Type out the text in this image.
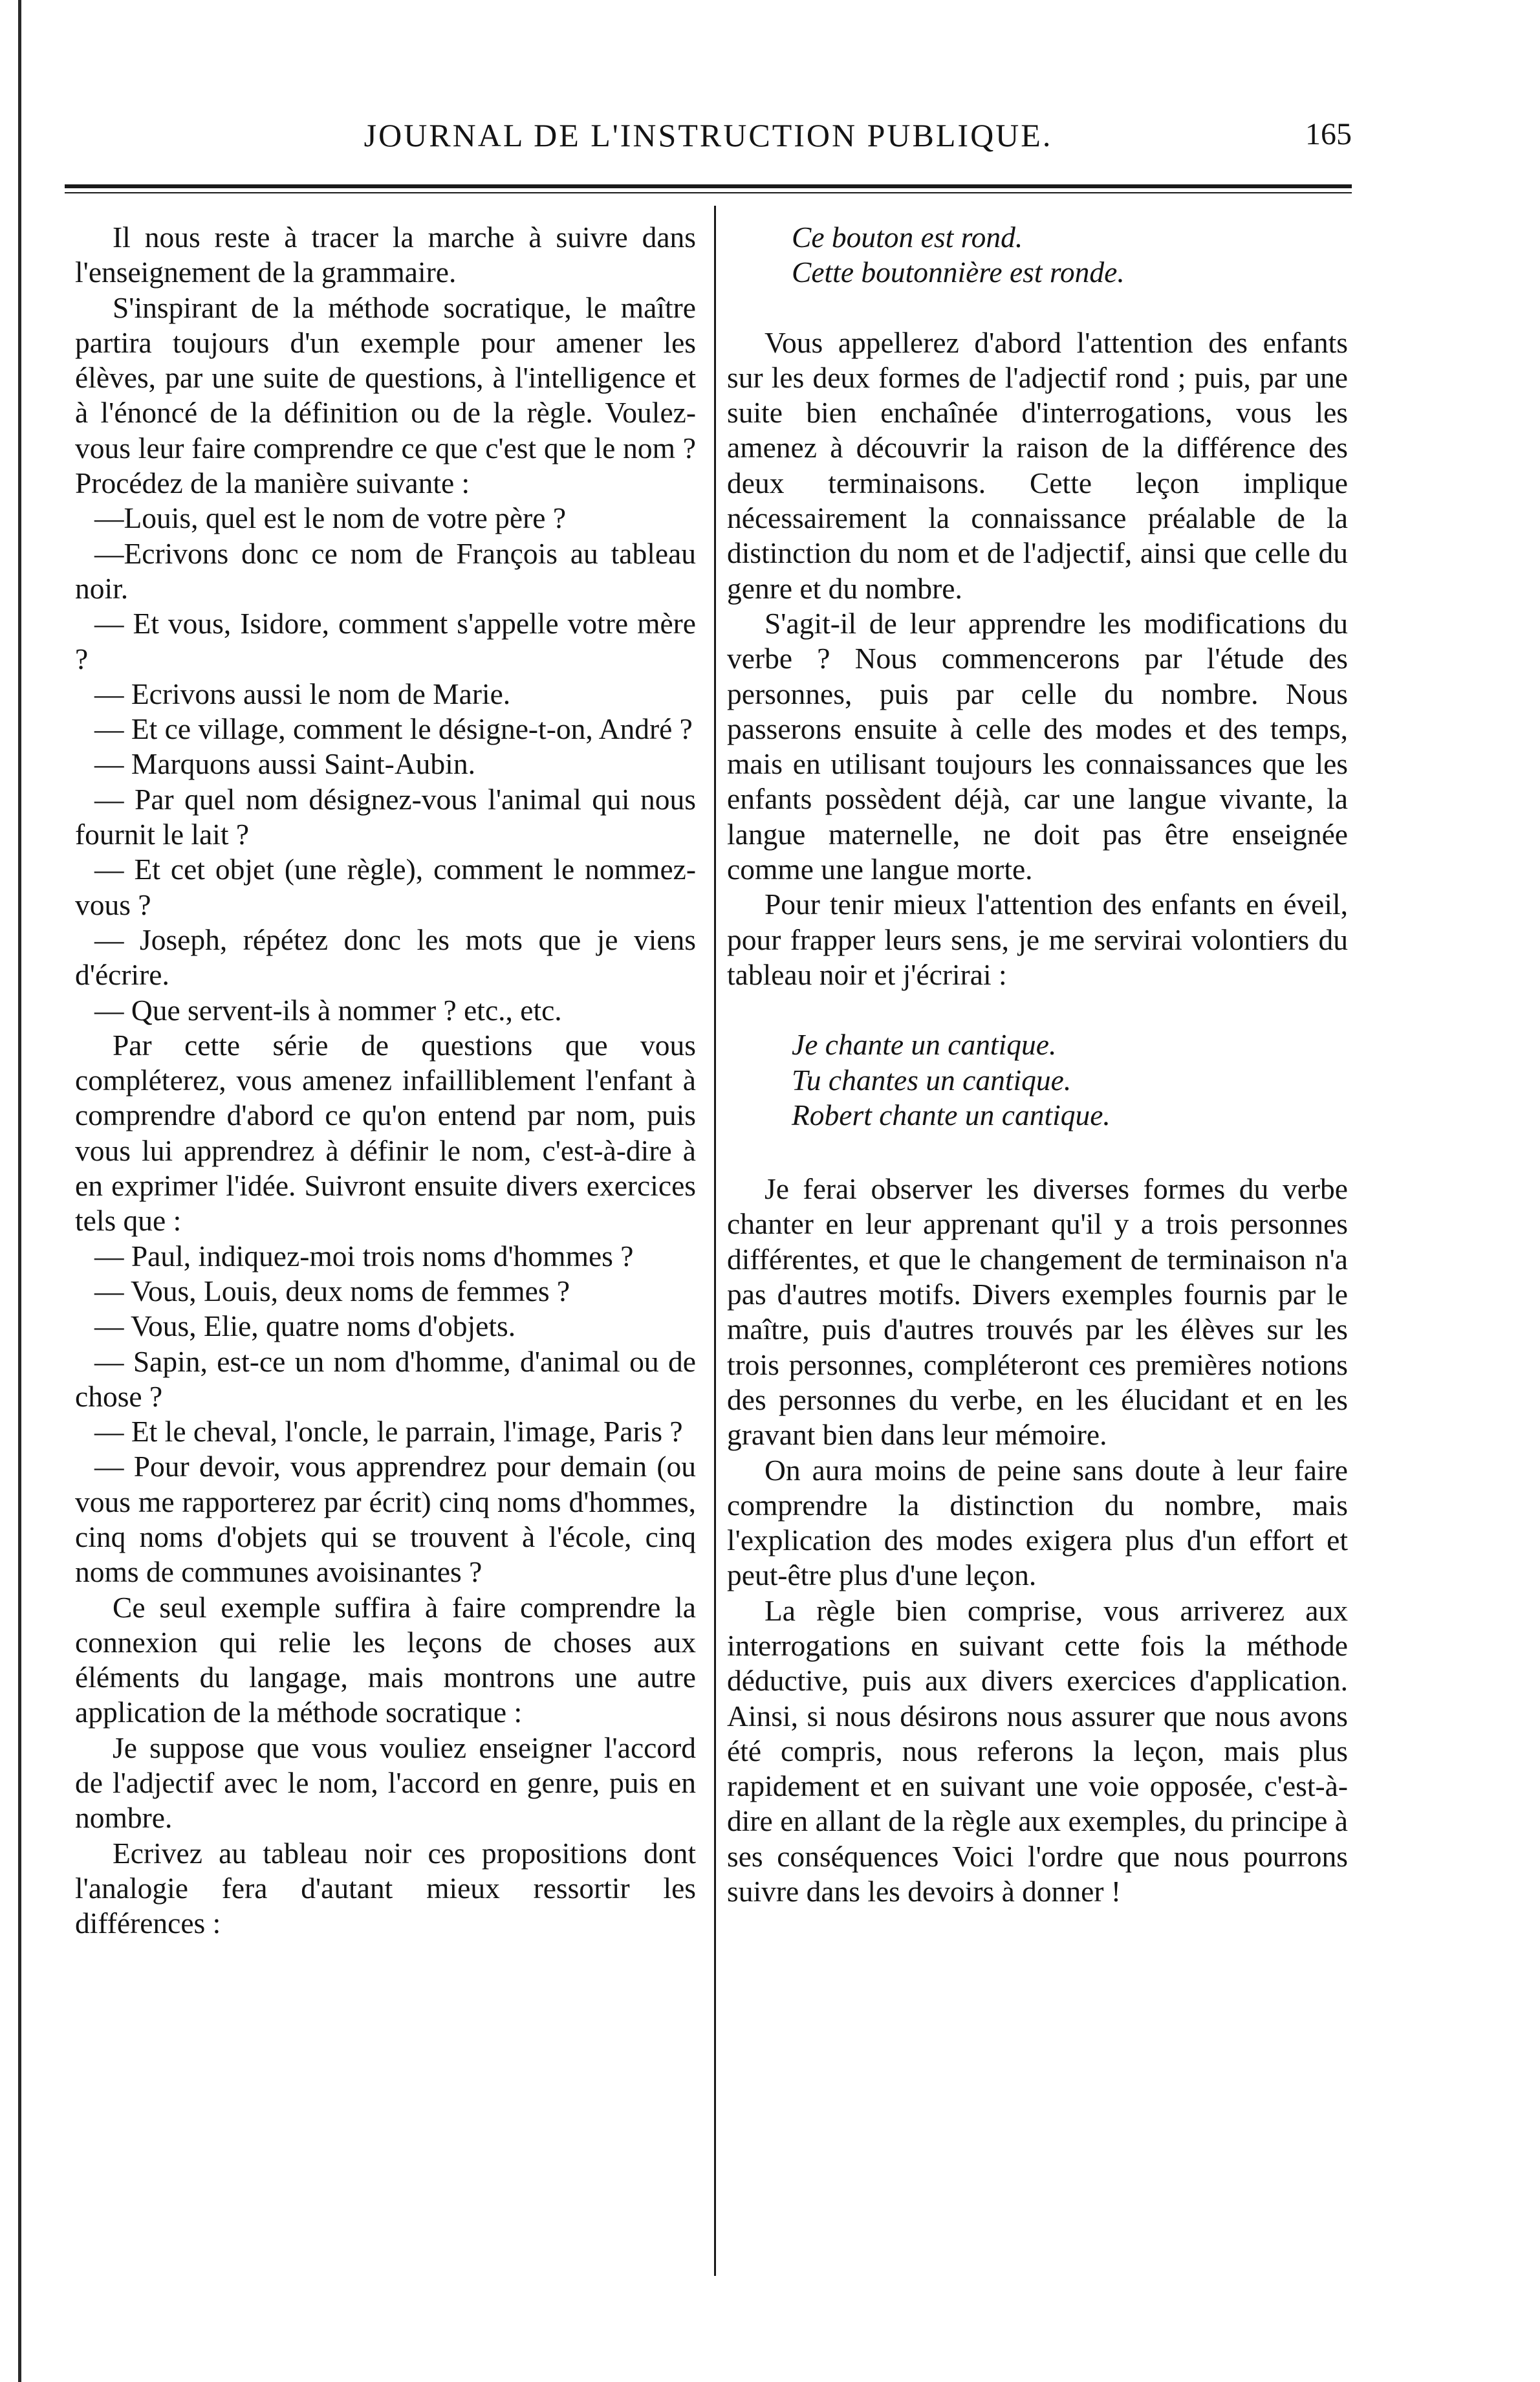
JOURNAL DE L'INSTRUCTION PUBLIQUE.	165

Il nous reste à tracer la marche à suivre dans l'enseignement de la grammaire.

S'inspirant de la méthode socratique, le maître partira toujours d'un exemple pour amener les élèves, par une suite de questions, à l'intelligence et à l'énoncé de la définition ou de la règle. Voulez-vous leur faire comprendre ce que c'est que le nom ? Procédez de la manière suivante :

—Louis, quel est le nom de votre père ?

—Ecrivons donc ce nom de François au tableau noir.

— Et vous, Isidore, comment s'appelle votre mère ?

— Ecrivons aussi le nom de Marie.

— Et ce village, comment le désigne-t-on, André ?

— Marquons aussi Saint-Aubin.

— Par quel nom désignez-vous l'animal qui nous fournit le lait ?

— Et cet objet (une règle), comment le nommez-vous ?

— Joseph, répétez donc les mots que je viens d'écrire.

— Que servent-ils à nommer ? etc., etc.

Par cette série de questions que vous compléterez, vous amenez infailliblement l'enfant à comprendre d'abord ce qu'on entend par nom, puis vous lui apprendrez à définir le nom, c'est-à-dire à en exprimer l'idée. Suivront ensuite divers exercices tels que :

— Paul, indiquez-moi trois noms d'hommes ?

— Vous, Louis, deux noms de femmes ?

— Vous, Elie, quatre noms d'objets.

— Sapin, est-ce un nom d'homme, d'animal ou de chose ?

— Et le cheval, l'oncle, le parrain, l'image, Paris ?

— Pour devoir, vous apprendrez pour demain (ou vous me rapporterez par écrit) cinq noms d'hommes, cinq noms d'objets qui se trouvent à l'école, cinq noms de communes avoisinantes ?

Ce seul exemple suffira à faire comprendre la connexion qui relie les leçons de choses aux éléments du langage, mais montrons une autre application de la méthode socratique :

Je suppose que vous vouliez enseigner l'accord de l'adjectif avec le nom, l'accord en genre, puis en nombre.

Ecrivez au tableau noir ces propositions dont l'analogie fera d'autant mieux ressortir les différences :

Ce bouton est rond.

Cette boutonnière est ronde.

Vous appellerez d'abord l'attention des enfants sur les deux formes de l'adjectif rond ; puis, par une suite bien enchaînée d'interrogations, vous les amenez à découvrir la raison de la différence des deux terminaisons. Cette leçon implique nécessairement la connaissance préalable de la distinction du nom et de l'adjectif, ainsi que celle du genre et du nombre.

S'agit-il de leur apprendre les modifications du verbe ? Nous commencerons par l'étude des personnes, puis par celle du nombre. Nous passerons ensuite à celle des modes et des temps, mais en utilisant toujours les connaissances que les enfants possèdent déjà, car une langue vivante, la langue maternelle, ne doit pas être enseignée comme une langue morte.

Pour tenir mieux l'attention des enfants en éveil, pour frapper leurs sens, je me servirai volontiers du tableau noir et j'écrirai :

Je chante un cantique.

Tu chantes un cantique.

Robert chante un cantique.

Je ferai observer les diverses formes du verbe chanter en leur apprenant qu'il y a trois personnes différentes, et que le changement de terminaison n'a pas d'autres motifs. Divers exemples fournis par le maître, puis d'autres trouvés par les élèves sur les trois personnes, compléteront ces premières notions des personnes du verbe, en les élucidant et en les gravant bien dans leur mémoire.

On aura moins de peine sans doute à leur faire comprendre la distinction du nombre, mais l'explication des modes exigera plus d'un effort et peut-être plus d'une leçon.

La règle bien comprise, vous arriverez aux interrogations en suivant cette fois la méthode déductive, puis aux divers exercices d'application. Ainsi, si nous désirons nous assurer que nous avons été compris, nous referons la leçon, mais plus rapidement et en suivant une voie opposée, c'est-à-dire en allant de la règle aux exemples, du principe à ses conséquences Voici l'ordre que nous pourrons suivre dans les devoirs à donner !
